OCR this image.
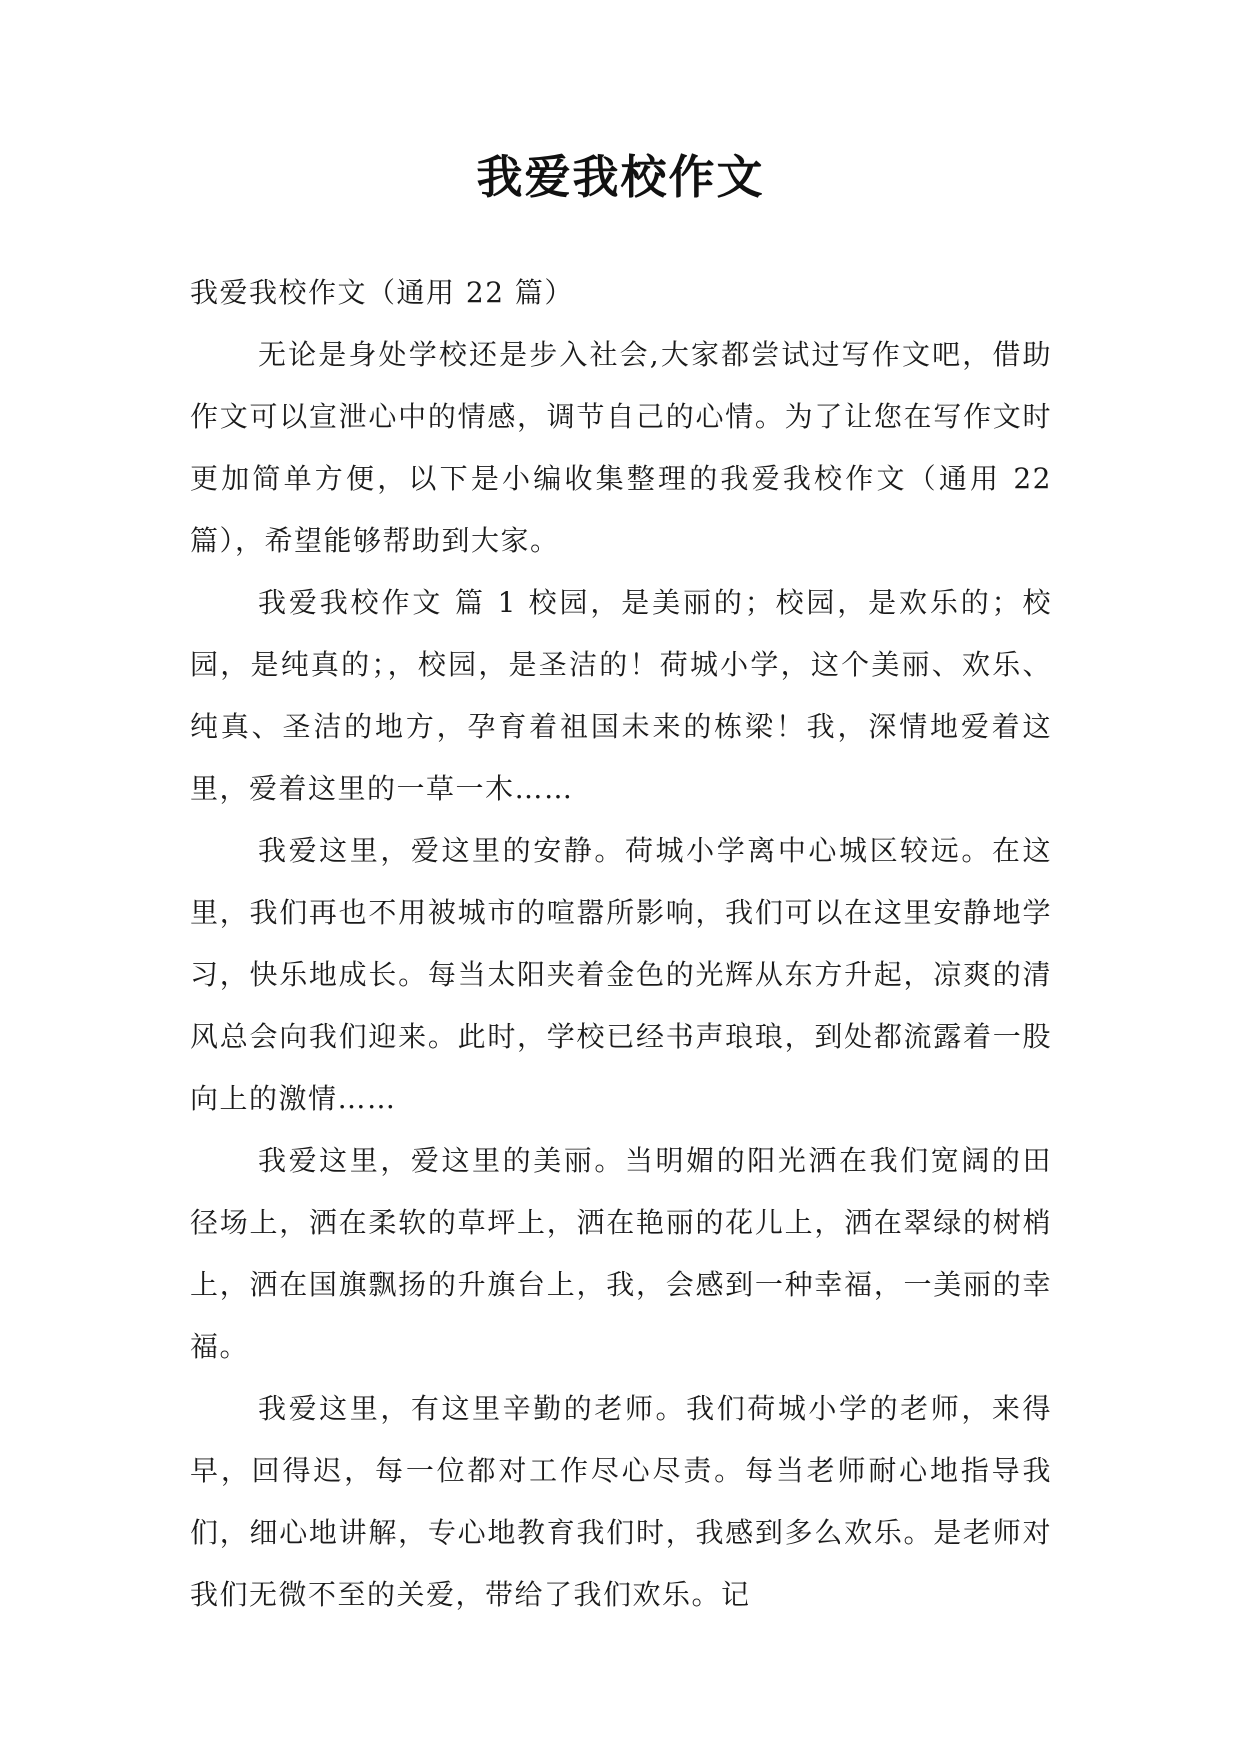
我爱我校作文

我爱我校作文（通用 22 篇）

无论是身处学校还是步入社会,大家都尝试过写作文吧，借助作文可以宣泄心中的情感，调节自己的心情。为了让您在写作文时更加简单方便，以下是小编收集整理的我爱我校作文（通用 22 篇），希望能够帮助到大家。

我爱我校作文 篇 1 校园，是美丽的；校园，是欢乐的；校园，是纯真的；，校园，是圣洁的！荷城小学，这个美丽、欢乐、纯真、圣洁的地方，孕育着祖国未来的栋梁！我，深情地爱着这里，爱着这里的一草一木……

我爱这里，爱这里的安静。荷城小学离中心城区较远。在这里，我们再也不用被城市的喧嚣所影响，我们可以在这里安静地学习，快乐地成长。每当太阳夹着金色的光辉从东方升起，凉爽的清风总会向我们迎来。此时，学校已经书声琅琅，到处都流露着一股向上的激情……

我爱这里，爱这里的美丽。当明媚的阳光洒在我们宽阔的田径场上，洒在柔软的草坪上，洒在艳丽的花儿上，洒在翠绿的树梢上，洒在国旗飘扬的升旗台上，我，会感到一种幸福，一美丽的幸福。

我爱这里，有这里辛勤的老师。我们荷城小学的老师，来得早，回得迟，每一位都对工作尽心尽责。每当老师耐心地指导我们，细心地讲解，专心地教育我们时，我感到多么欢乐。是老师对我们无微不至的关爱，带给了我们欢乐。记
